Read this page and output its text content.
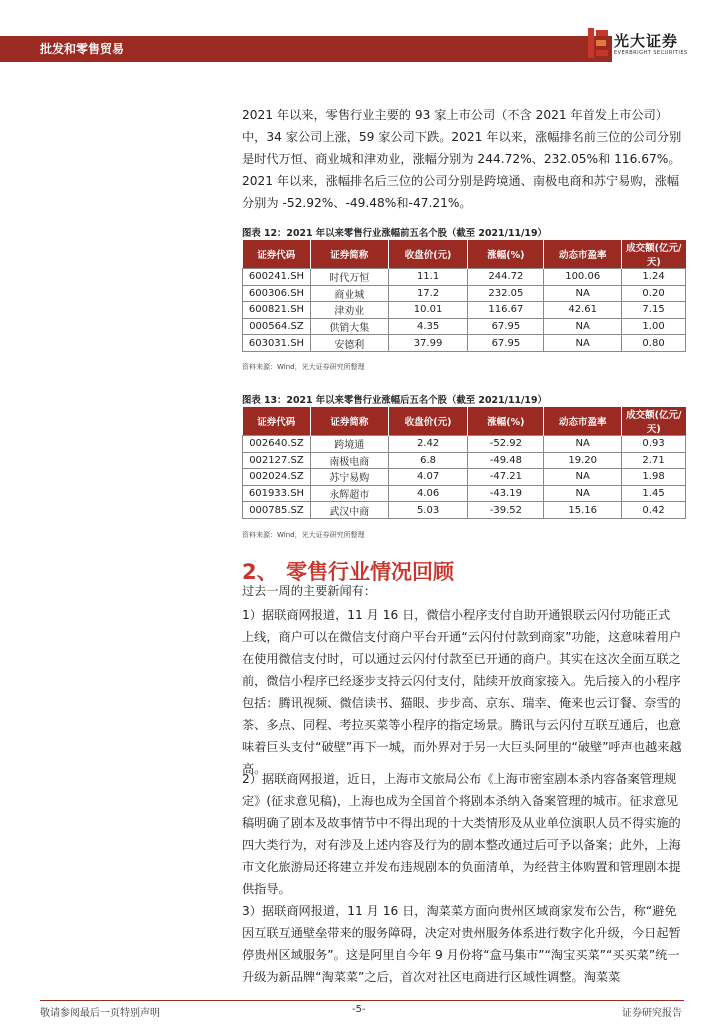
批发和零售贸易	光大证券
EVERBRIGHT SECURITIES

2021 年以来，零售行业主要的 93 家上市公司（不含 2021 年首发上市公司）中，34 家公司上涨，59 家公司下跌。2021 年以来，涨幅排名前三位的公司分别是时代万恒、商业城和津劝业，涨幅分别为 244.72%、232.05%和 116.67%。2021 年以来，涨幅排名后三位的公司分别是跨境通、南极电商和苏宁易购，涨幅分别为 -52.92%、-49.48%和-47.21%。

图表 12：2021 年以来零售行业涨幅前五名个股（截至 2021/11/19）
证券代码	证券简称	收盘价(元)	涨幅(%)	动态市盈率	成交额(亿元/天)
600241.SH	时代万恒	11.1	244.72	100.06	1.24
600306.SH	商业城	17.2	232.05	NA	0.20
600821.SH	津劝业	10.01	116.67	42.61	7.15
000564.SZ	供销大集	4.35	67.95	NA	1.00
603031.SH	安德利	37.99	67.95	NA	0.80
资料来源：Wind，光大证券研究所整理
图表 13：2021 年以来零售行业涨幅后五名个股（截至 2021/11/19）
证券代码	证券简称	收盘价(元)	涨幅(%)	动态市盈率	成交额(亿元/天)
002640.SZ	跨境通	2.42	-52.92	NA	0.93
002127.SZ	南极电商	6.8	-49.48	19.20	2.71
002024.SZ	苏宁易购	4.07	-47.21	NA	1.98
601933.SH	永辉超市	4.06	-43.19	NA	1.45
000785.SZ	武汉中商	5.03	-39.52	15.16	0.42
资料来源：Wind，光大证券研究所整理
2、 零售行业情况回顾

过去一周的主要新闻有：

1）据联商网报道，11 月 16 日，微信小程序支付自助开通银联云闪付功能正式上线，商户可以在微信支付商户平台开通“云闪付付款到商家”功能，这意味着用户在使用微信支付时，可以通过云闪付付款至已开通的商户。其实在这次全面互联之前，微信小程序已经逐步支持云闪付支付，陆续开放商家接入。先后接入的小程序包括：腾讯视频、微信读书、猫眼、步步高、京东、瑞幸、俺来也云订餐、奈雪的茶、多点、同程、考拉买菜等小程序的指定场景。腾讯与云闪付互联互通后，也意味着巨头支付“破壁”再下一城，而外界对于另一大巨头阿里的“破壁”呼声也越来越高。

2）据联商网报道，近日，上海市文旅局公布《上海市密室剧本杀内容备案管理规定》(征求意见稿)，上海也成为全国首个将剧本杀纳入备案管理的城市。征求意见稿明确了剧本及故事情节中不得出现的十大类情形及从业单位演职人员不得实施的四大类行为，对有涉及上述内容及行为的剧本整改通过后可予以备案；此外，上海市文化旅游局还将建立并发布违规剧本的负面清单，为经营主体购置和管理剧本提供指导。

3）据联商网报道，11 月 16 日，淘菜菜方面向贵州区域商家发布公告，称“避免因互联互通壁垒带来的服务障碍，决定对贵州服务体系进行数字化升级，今日起暂停贵州区域服务”。这是阿里自今年 9 月份将“盒马集市”“淘宝买菜”“买买菜”统一升级为新品牌“淘菜菜”之后，首次对社区电商进行区域性调整。淘菜菜

敬请参阅最后一页特别声明	-5-	证券研究报告
